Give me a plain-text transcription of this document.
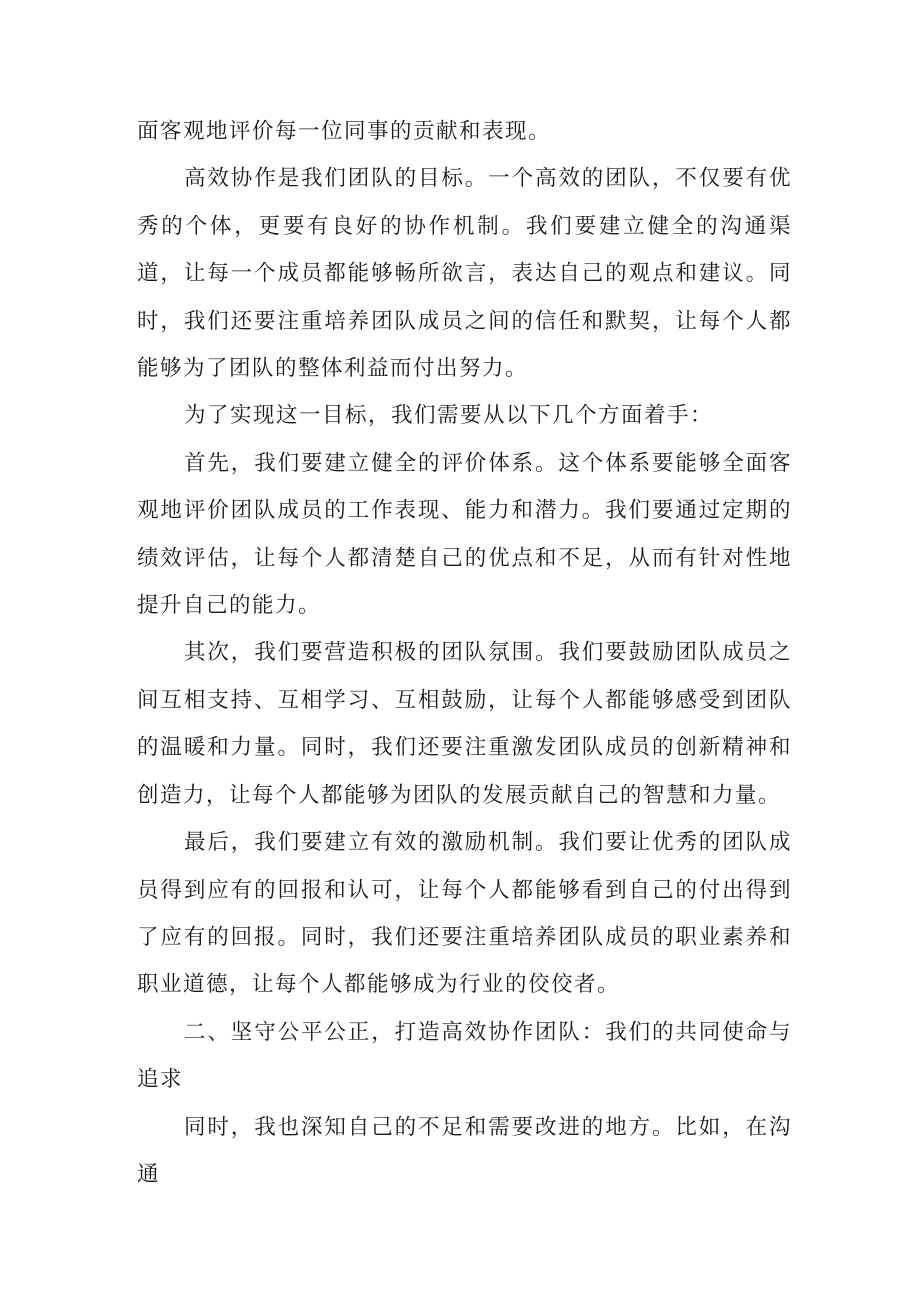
面客观地评价每一位同事的贡献和表现。

高效协作是我们团队的目标。一个高效的团队，不仅要有优秀的个体，更要有良好的协作机制。我们要建立健全的沟通渠道，让每一个成员都能够畅所欲言，表达自己的观点和建议。同时，我们还要注重培养团队成员之间的信任和默契，让每个人都能够为了团队的整体利益而付出努力。

为了实现这一目标，我们需要从以下几个方面着手：

首先，我们要建立健全的评价体系。这个体系要能够全面客观地评价团队成员的工作表现、能力和潜力。我们要通过定期的绩效评估，让每个人都清楚自己的优点和不足，从而有针对性地提升自己的能力。

其次，我们要营造积极的团队氛围。我们要鼓励团队成员之间互相支持、互相学习、互相鼓励，让每个人都能够感受到团队的温暖和力量。同时，我们还要注重激发团队成员的创新精神和创造力，让每个人都能够为团队的发展贡献自己的智慧和力量。

最后，我们要建立有效的激励机制。我们要让优秀的团队成员得到应有的回报和认可，让每个人都能够看到自己的付出得到了应有的回报。同时，我们还要注重培养团队成员的职业素养和职业道德，让每个人都能够成为行业的佼佼者。

二、坚守公平公正，打造高效协作团队：我们的共同使命与追求

同时，我也深知自己的不足和需要改进的地方。比如，在沟通
